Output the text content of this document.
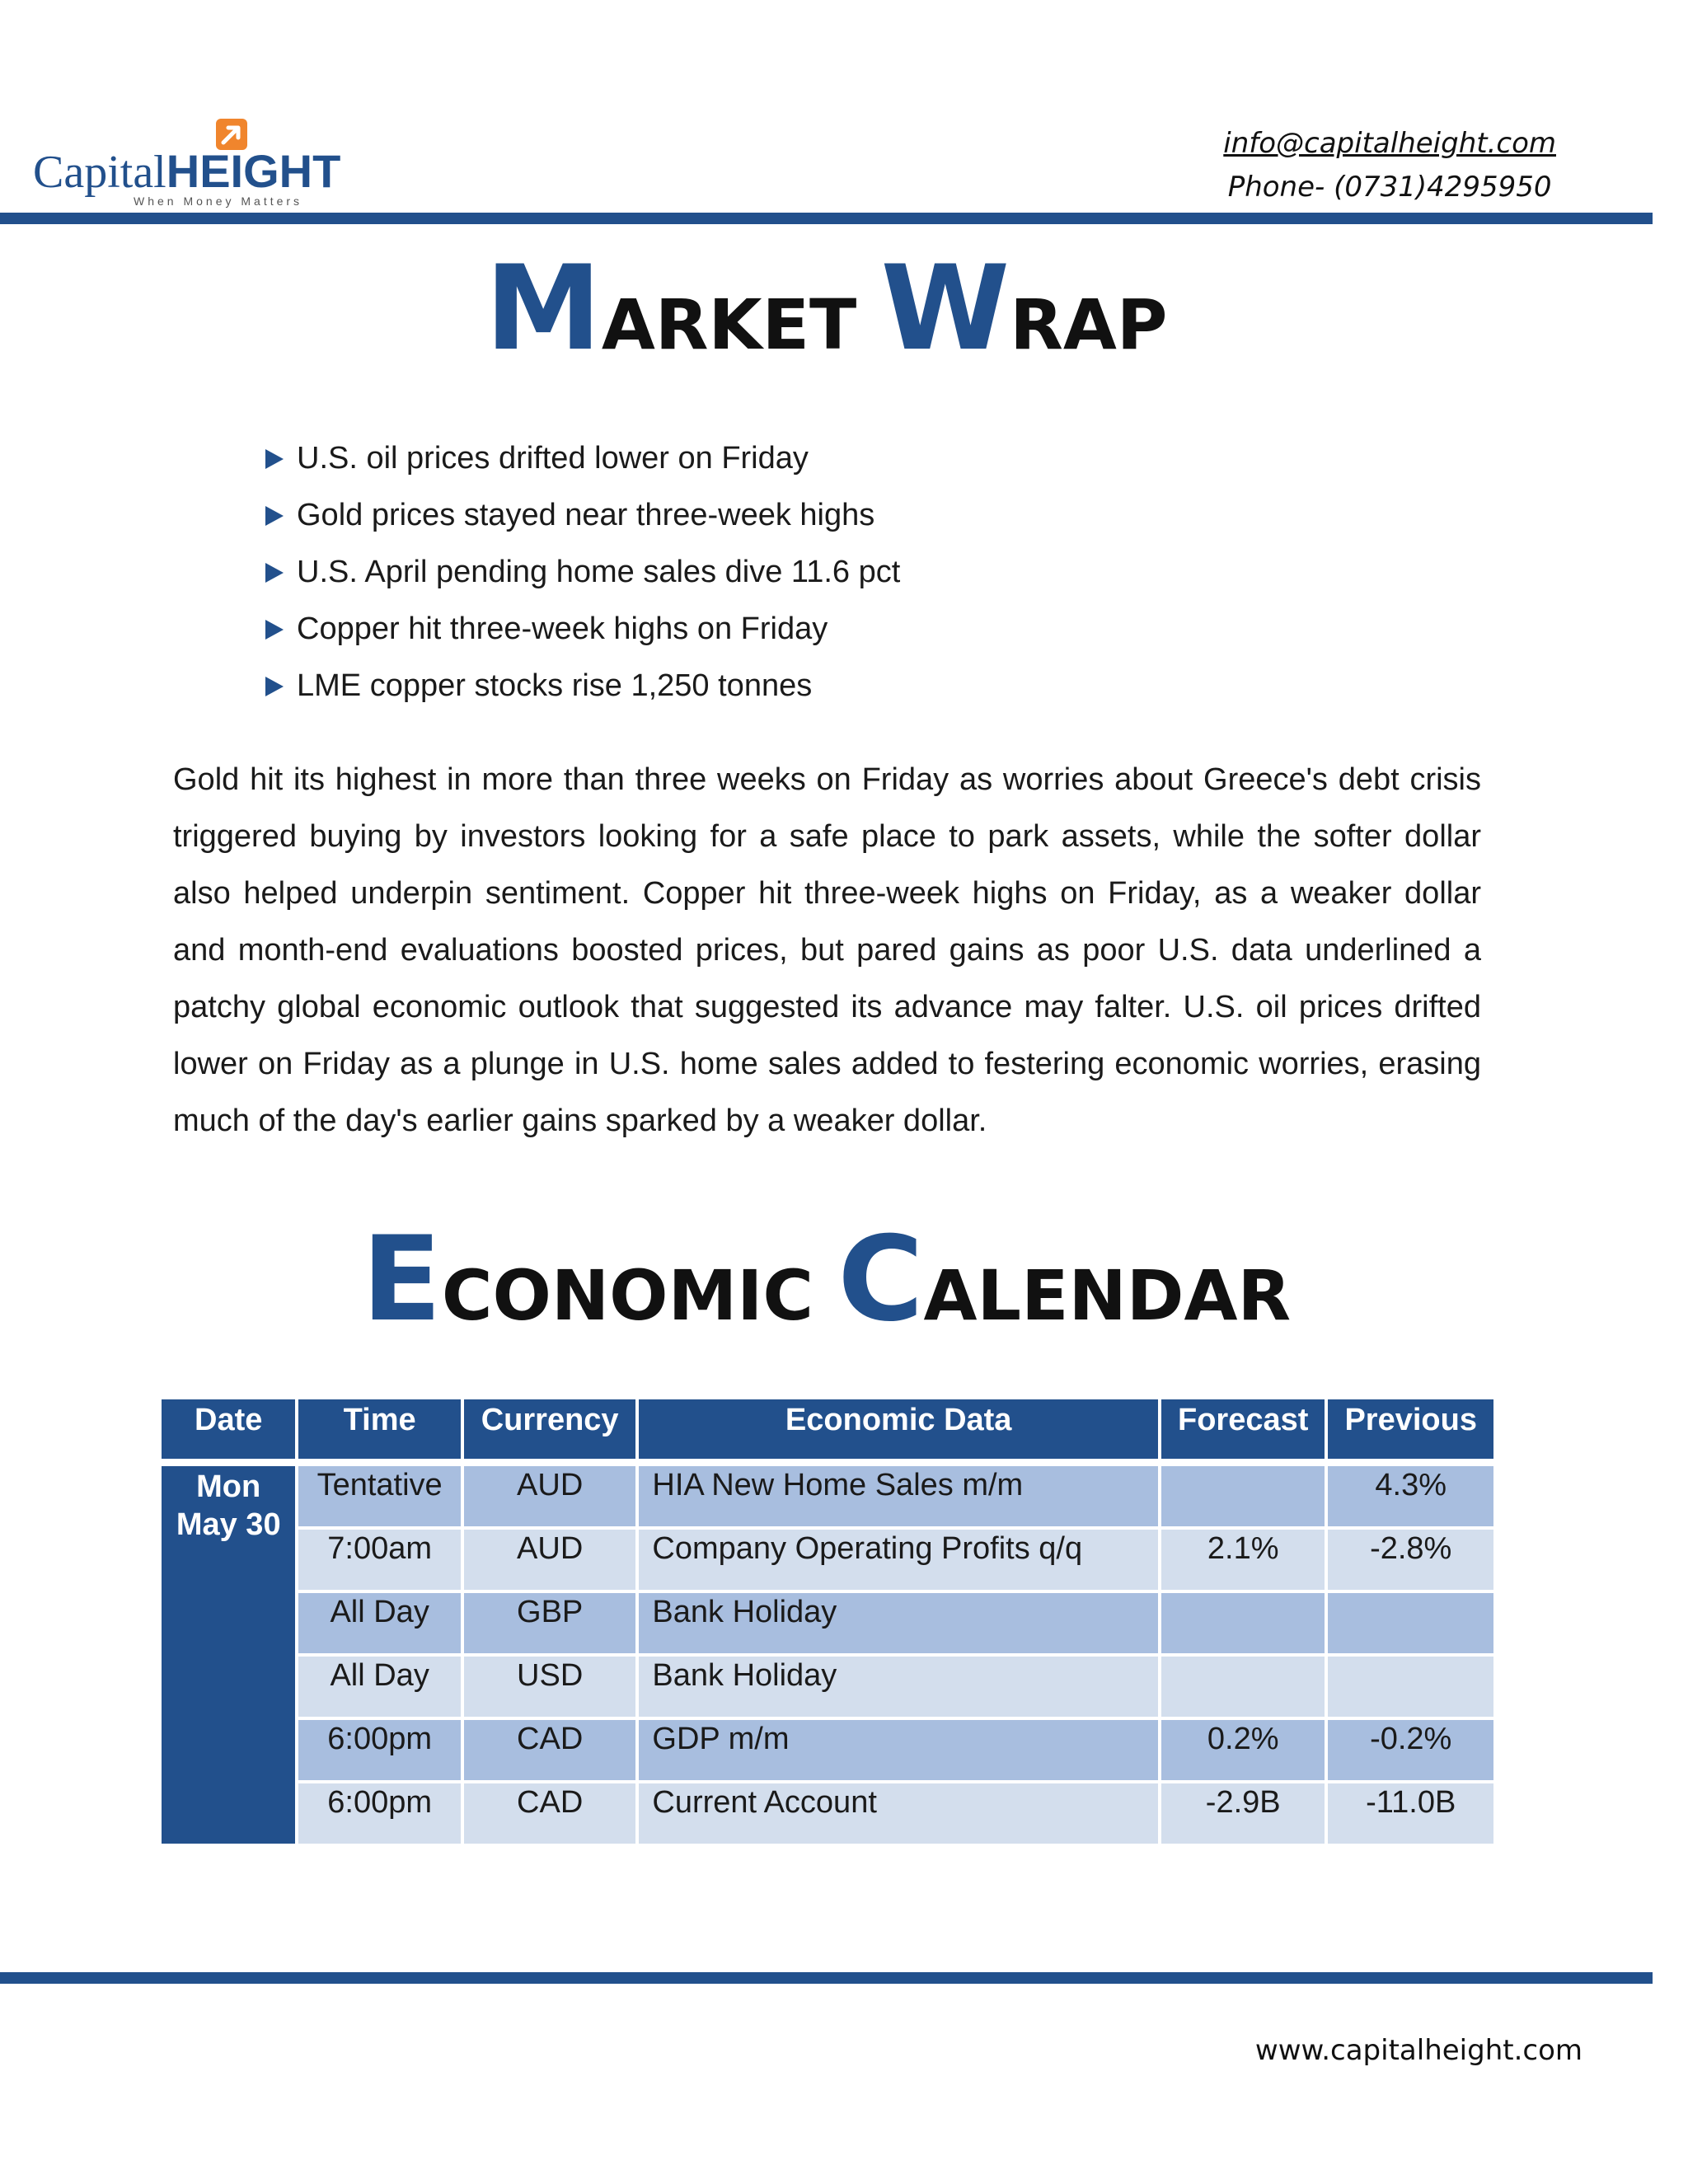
CapitalHEIGHT
When Money Matters
info@capitalheight.com
Phone- (0731)4295950
MARKET WRAP
U.S. oil prices drifted lower on Friday
Gold prices stayed near three-week highs
U.S. April pending home sales dive 11.6 pct
Copper hit three-week highs on Friday
LME copper stocks rise 1,250 tonnes

Gold hit its highest in more than three weeks on Friday as worries about Greece's debt crisis triggered buying by investors looking for a safe place to park assets, while the softer dollar also helped underpin sentiment. Copper hit three-week highs on Friday, as a weaker dollar and month-end evaluations boosted prices, but pared gains as poor U.S. data underlined a patchy global economic outlook that suggested its advance may falter. U.S. oil prices drifted lower on Friday as a plunge in U.S. home sales added to festering economic worries, erasing much of the day's earlier gains sparked by a weaker dollar.

ECONOMIC CALENDAR
Date	Time	Currency	Economic Data	Forecast	Previous

Mon
May 30	Tentative	AUD	HIA New Home Sales m/m		4.3%
	7:00am	AUD	Company Operating Profits q/q	2.1%	-2.8%
	All Day	GBP	Bank Holiday		
	All Day	USD	Bank Holiday		
	6:00pm	CAD	GDP m/m	0.2%	-0.2%
	6:00pm	CAD	Current Account	-2.9B	-11.0B
www.capitalheight.com
